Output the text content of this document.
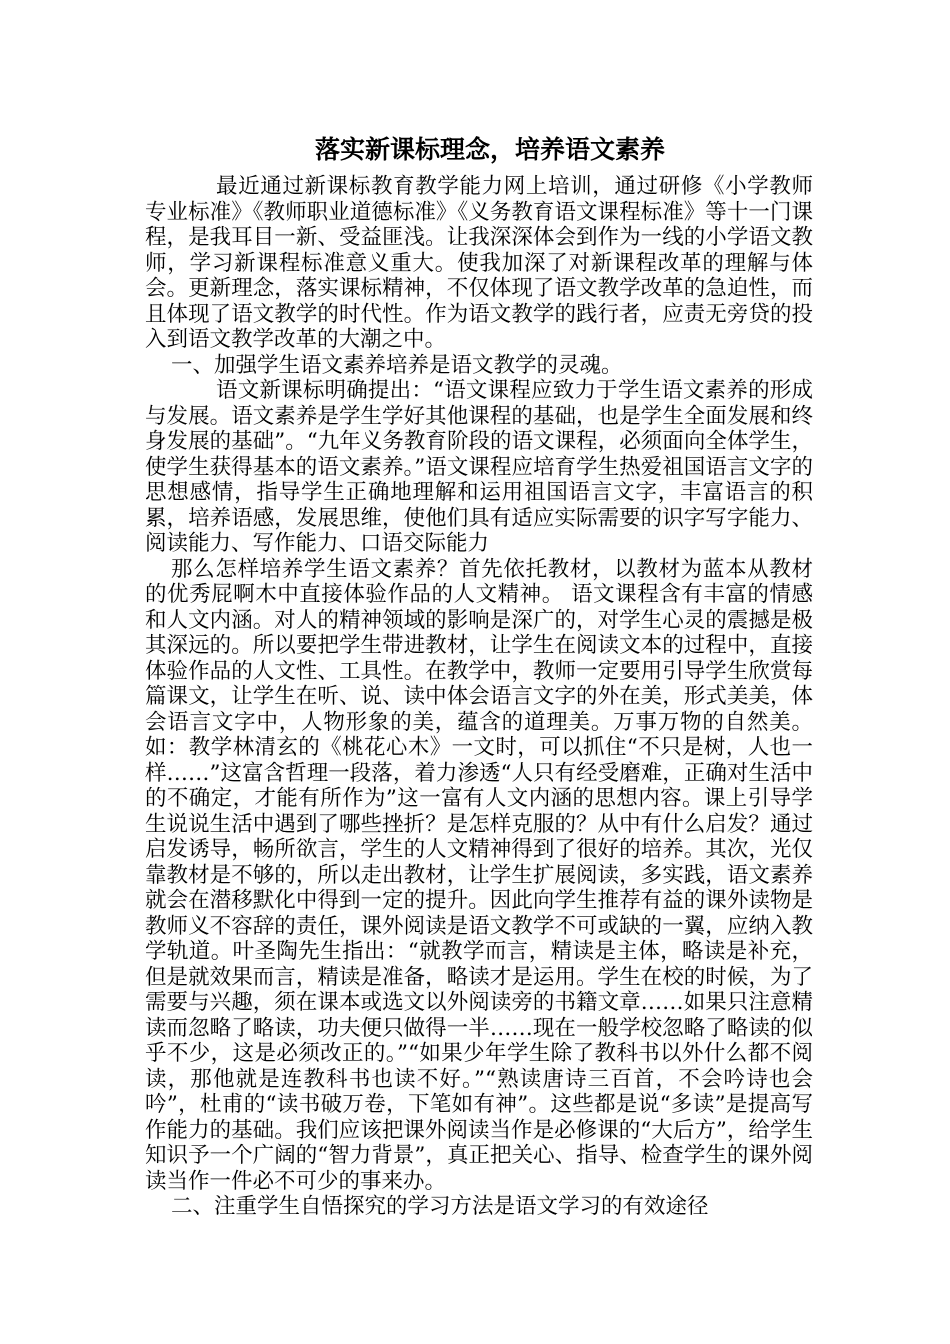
落实新课标理念，培养语文素养

最近通过新课标教育教学能力网上培训，通过研修《小学教师专业标准》《教师职业道德标准》《义务教育语文课程标准》等十一门课程，是我耳目一新、受益匪浅。让我深深体会到作为一线的小学语文教师，学习新课程标准意义重大。使我加深了对新课程改革的理解与体会。更新理念，落实课标精神，不仅体现了语文教学改革的急迫性，而且体现了语文教学的时代性。作为语文教学的践行者，应责无旁贷的投入到语文教学改革的大潮之中。

一、加强学生语文素养培养是语文教学的灵魂。

语文新课标明确提出：“语文课程应致力于学生语文素养的形成与发展。语文素养是学生学好其他课程的基础，也是学生全面发展和终身发展的基础”。“九年义务教育阶段的语文课程，必须面向全体学生，使学生获得基本的语文素养。”语文课程应培育学生热爱祖国语言文字的思想感情，指导学生正确地理解和运用祖国语言文字，丰富语言的积累，培养语感，发展思维，使他们具有适应实际需要的识字写字能力、阅读能力、写作能力、口语交际能力

那么怎样培养学生语文素养？首先依托教材，以教材为蓝本从教材的优秀屁啊木中直接体验作品的人文精神。 语文课程含有丰富的情感和人文内涵。对人的精神领域的影响是深广的，对学生心灵的震撼是极其深远的。所以要把学生带进教材，让学生在阅读文本的过程中，直接体验作品的人文性、工具性。在教学中，教师一定要用引导学生欣赏每篇课文，让学生在听、说、读中体会语言文字的外在美，形式美美，体会语言文字中，人物形象的美，蕴含的道理美。万事万物的自然美。如：教学林清玄的《桃花心木》一文时，可以抓住“不只是树，人也一样……”这富含哲理一段落，着力渗透“人只有经受磨难，正确对生活中的不确定，才能有所作为”这一富有人文内涵的思想内容。课上引导学生说说生活中遇到了哪些挫折？是怎样克服的？从中有什么启发？通过启发诱导，畅所欲言，学生的人文精神得到了很好的培养。其次，光仅靠教材是不够的，所以走出教材，让学生扩展阅读，多实践，语文素养就会在潜移默化中得到一定的提升。因此向学生推荐有益的课外读物是教师义不容辞的责任，课外阅读是语文教学不可或缺的一翼，应纳入教学轨道。叶圣陶先生指出：“就教学而言，精读是主体，略读是补充，但是就效果而言，精读是准备，略读才是运用。学生在校的时候，为了需要与兴趣，须在课本或选文以外阅读旁的书籍文章……如果只注意精读而忽略了略读，功夫便只做得一半……现在一般学校忽略了略读的似乎不少，这是必须改正的。”“如果少年学生除了教科书以外什么都不阅读，那他就是连教科书也读不好。”“熟读唐诗三百首，不会吟诗也会吟”，杜甫的“读书破万卷，下笔如有神”。这些都是说“多读”是提高写作能力的基础。我们应该把课外阅读当作是必修课的“大后方”，给学生知识予一个广阔的“智力背景”，真正把关心、指导、检查学生的课外阅读当作一件必不可少的事来办。

二、注重学生自悟探究的学习方法是语文学习的有效途径
